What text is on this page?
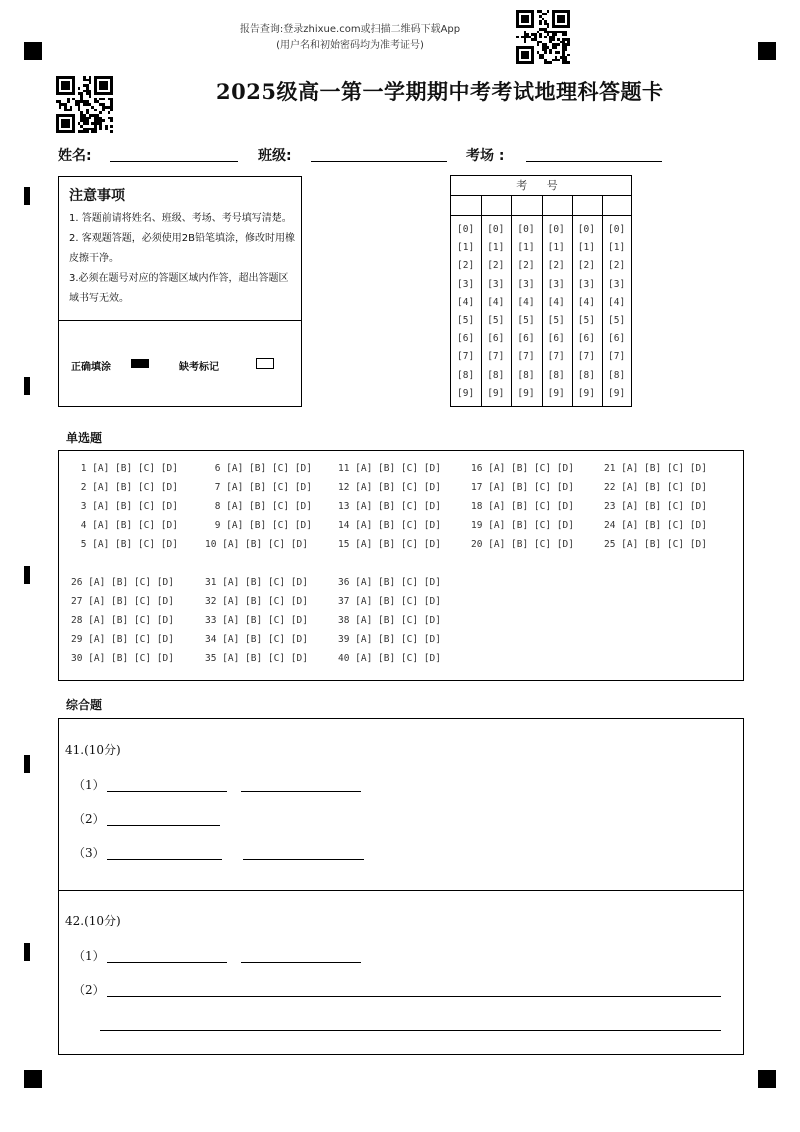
报告查询:登录zhixue.com或扫描二维码下载App
(用户名和初始密码均为准考证号)
2025级高一第一学期期中考考试地理科答题卡
姓名:	班级:	考场 :
注意事项
1. 答题前请将姓名、班级、考场、考号填写清楚。
2. 客观题答题，必须使用2B铅笔填涂，修改时用橡皮擦干净。
3.必须在题号对应的答题区域内作答，超出答题区域书写无效。
正确填涂	缺考标记
考 号
[0] [0] [0] [0] [0] [0]
[1] [1] [1] [1] [1] [1]
[2] [2] [2] [2] [2] [2]
[3] [3] [3] [3] [3] [3]
[4] [4] [4] [4] [4] [4]
[5] [5] [5] [5] [5] [5]
[6] [6] [6] [6] [6] [6]
[7] [7] [7] [7] [7] [7]
[8] [8] [8] [8] [8] [8]
[9] [9] [9] [9] [9] [9]
单选题
1 [A] [B] [C] [D]
2 [A] [B] [C] [D]
3 [A] [B] [C] [D]
4 [A] [B] [C] [D]
5 [A] [B] [C] [D]
6 [A] [B] [C] [D]
7 [A] [B] [C] [D]
8 [A] [B] [C] [D]
9 [A] [B] [C] [D]
10 [A] [B] [C] [D]
11 [A] [B] [C] [D]
12 [A] [B] [C] [D]
13 [A] [B] [C] [D]
14 [A] [B] [C] [D]
15 [A] [B] [C] [D]
16 [A] [B] [C] [D]
17 [A] [B] [C] [D]
18 [A] [B] [C] [D]
19 [A] [B] [C] [D]
20 [A] [B] [C] [D]
21 [A] [B] [C] [D]
22 [A] [B] [C] [D]
23 [A] [B] [C] [D]
24 [A] [B] [C] [D]
25 [A] [B] [C] [D]
26 [A] [B] [C] [D]
27 [A] [B] [C] [D]
28 [A] [B] [C] [D]
29 [A] [B] [C] [D]
30 [A] [B] [C] [D]
31 [A] [B] [C] [D]
32 [A] [B] [C] [D]
33 [A] [B] [C] [D]
34 [A] [B] [C] [D]
35 [A] [B] [C] [D]
36 [A] [B] [C] [D]
37 [A] [B] [C] [D]
38 [A] [B] [C] [D]
39 [A] [B] [C] [D]
40 [A] [B] [C] [D]
综合题
41.(10分)
（1）
（2）
（3）
42.(10分)
（1）
（2）
